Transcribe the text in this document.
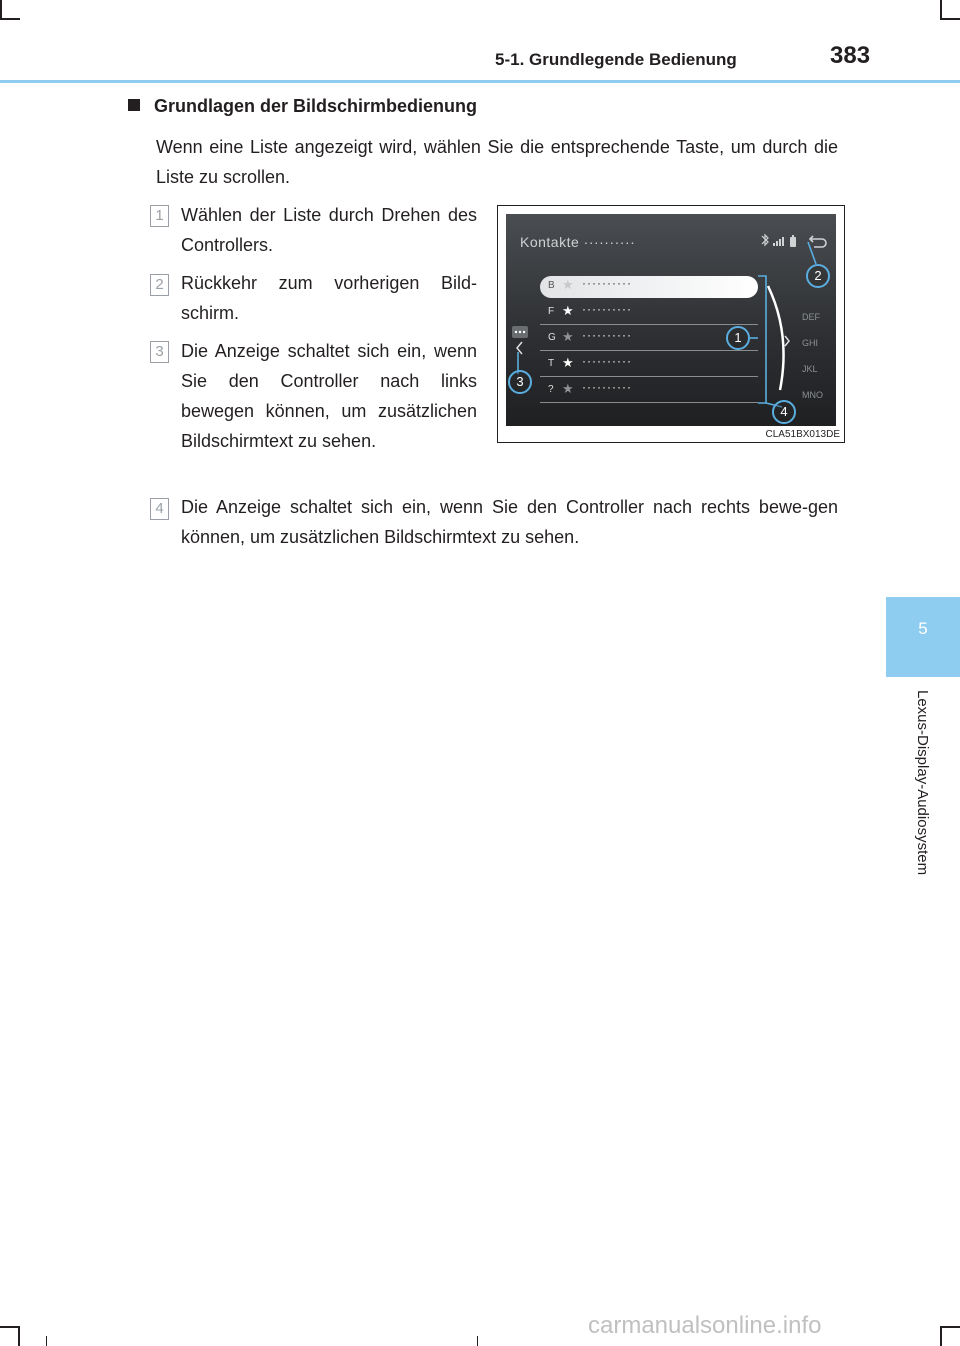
5-1. Grundlegende Bedienung	383
5
Lexus-Display-Audiosystem
Grundlagen der Bildschirmbedienung
Wenn eine Liste angezeigt wird, wählen Sie die entsprechende Taste, um durch die Liste zu scrollen.
1 Wählen der Liste durch Drehen des Controllers.
2 Rückkehr zum vorherigen Bild-schirm.
3 Die Anzeige schaltet sich ein, wenn Sie den Controller nach links bewegen können, um zusätzlichen Bildschirmtext zu sehen.
4 Die Anzeige schaltet sich ein, wenn Sie den Controller nach rechts bewe-gen können, um zusätzlichen Bildschirmtext zu sehen.
Kontakte ··········
B ★ ··········
F ★ ··········
G ★ ··········
T ★ ··········
? ★ ··········
DEF
GHI
JKL
MNO
1
2
3
4
CLA51BX013DE
carmanualsonline.info
